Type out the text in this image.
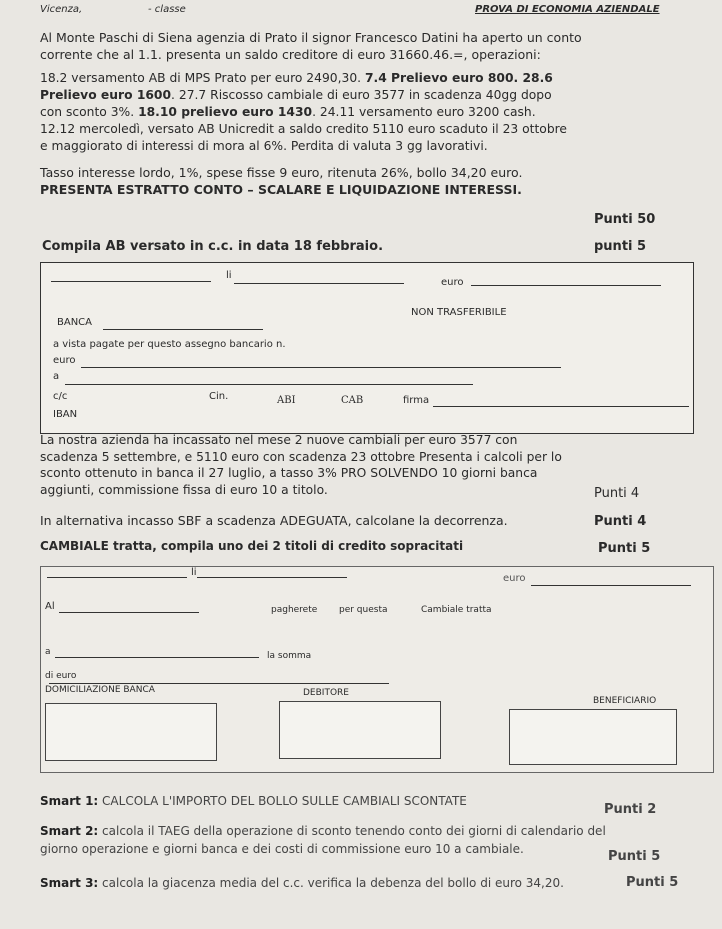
Vicenza,	- classe	PROVA DI ECONOMIA AZIENDALE
Al Monte Paschi di Siena agenzia di Prato il signor Francesco Datini ha aperto un conto
corrente che al 1.1. presenta un saldo creditore di euro 31660.46.=, operazioni:
18.2 versamento AB di MPS Prato per euro 2490,30. 7.4 Prelievo euro 800. 28.6
Prelievo euro 1600. 27.7 Riscosso cambiale di euro 3577 in scadenza 40gg dopo
con sconto 3%. 18.10 prelievo euro 1430. 24.11 versamento euro 3200 cash.
12.12 mercoledì, versato AB Unicredit a saldo credito 5110 euro scaduto il 23 ottobre
e maggiorato di interessi di mora al 6%. Perdita di valuta 3 gg lavorativi.
Tasso interesse lordo, 1%, spese fisse 9 euro, ritenuta 26%, bollo 34,20 euro.
PRESENTA ESTRATTO CONTO – SCALARE E LIQUIDAZIONE INTERESSI.
Punti 50
Compila AB versato in c.c. in data 18 febbraio.	punti 5
li
euro
NON TRASFERIBILE
BANCA
a vista pagate per questo assegno bancario n.
euro
a
c/c	Cin.	ABI	CAB	firma
IBAN
La nostra azienda ha incassato nel mese 2 nuove cambiali per euro 3577 con
scadenza 5 settembre, e 5110 euro con scadenza 23 ottobre Presenta i calcoli per lo
sconto ottenuto in banca il 27 luglio, a tasso 3% PRO SOLVENDO 10 giorni banca
aggiunti, commissione fissa di euro 10 a titolo.	Punti 4
In alternativa incasso SBF a scadenza ADEGUATA, calcolane la decorrenza.	Punti 4
CAMBIALE tratta, compila uno dei 2 titoli di credito sopracitati	Punti 5
li
euro
Al	pagherete per questa	Cambiale tratta
a	la somma
di euro
DOMICILIAZIONE BANCA	DEBITORE
BENEFICIARIO
Smart 1: CALCOLA L'IMPORTO DEL BOLLO SULLE CAMBIALI SCONTATE
Punti 2
Smart 2: calcola il TAEG della operazione di sconto tenendo conto dei giorni di calendario del
giorno operazione e giorni banca e dei costi di commissione euro 10 a cambiale.	Punti 5
Smart 3: calcola la giacenza media del c.c. verifica la debenza del bollo di euro 34,20.	Punti 5
